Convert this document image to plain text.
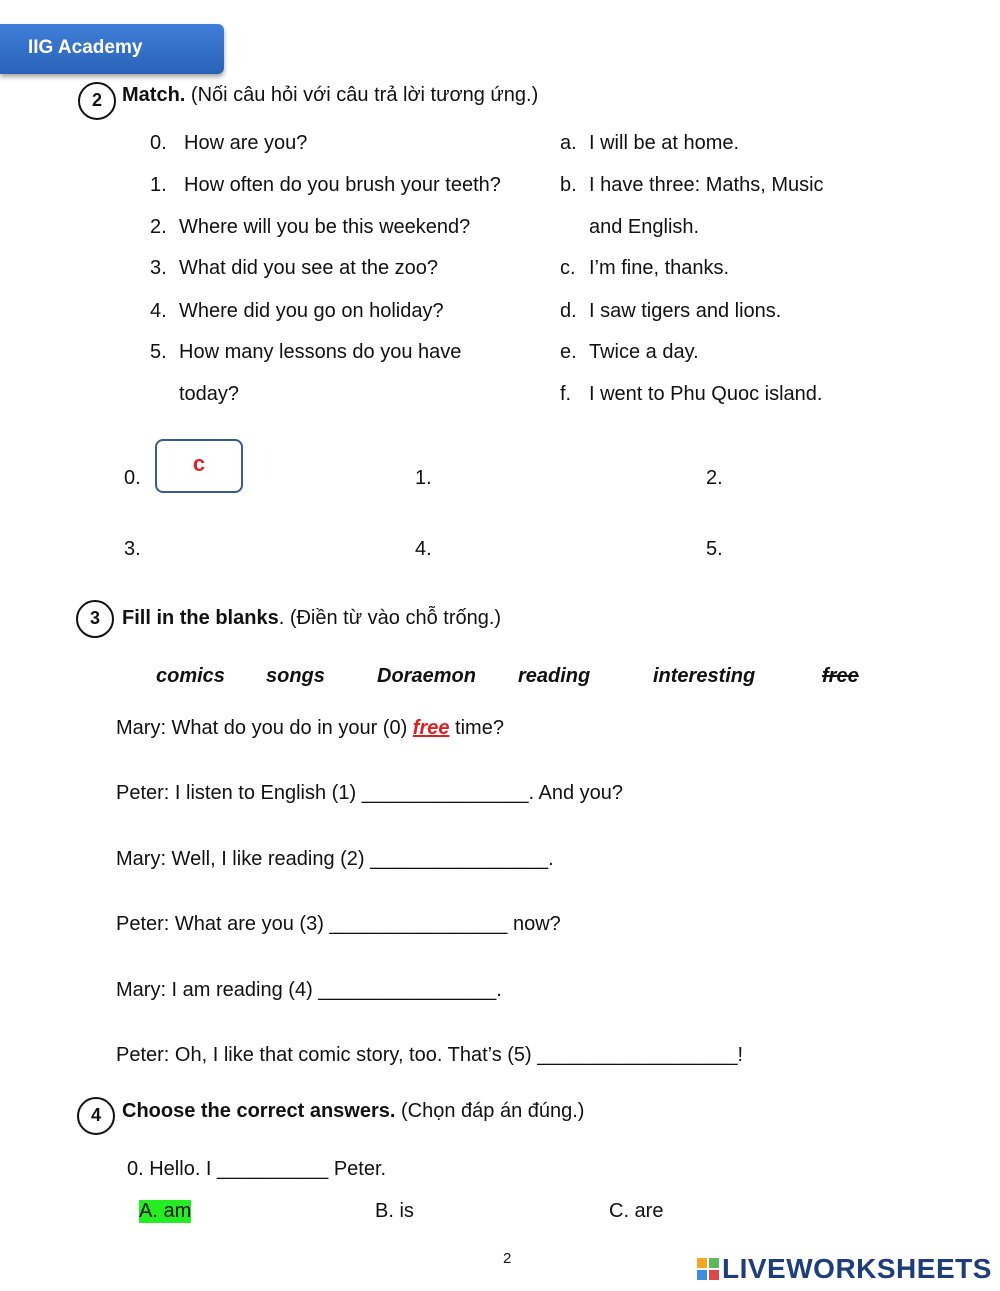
IIG Academy
2	Match. (Nối câu hỏi với câu trả lời tương ứng.)
0. How are you?
1. How often do you brush your teeth?
2. Where will you be this weekend?
3. What did you see at the zoo?
4. Where did you go on holiday?
5. How many lessons do you have
today?
a. I will be at home.
b. I have three: Maths, Music
and English.
c. I’m fine, thanks.
d. I saw tigers and lions.
e. Twice a day.
f. I went to Phu Quoc island.
0.
c
1.	2.
3.	4.	5.
3	Fill in the blanks. (Điền từ vào chỗ trống.)
comics songs	Doraemon reading	interesting	free
Mary: What do you do in your (0) free time?
Peter: I listen to English (1) _______________. And you?
Mary: Well, I like reading (2) ________________.
Peter: What are you (3) ________________ now?
Mary: I am reading (4) ________________.
Peter: Oh, I like that comic story, too. That’s (5) __________________!
4	Choose the correct answers. (Chọn đáp án đúng.)
0. Hello. I __________ Peter.
A. am	B. is	C. are
2	LIVEWORKSHEETS
